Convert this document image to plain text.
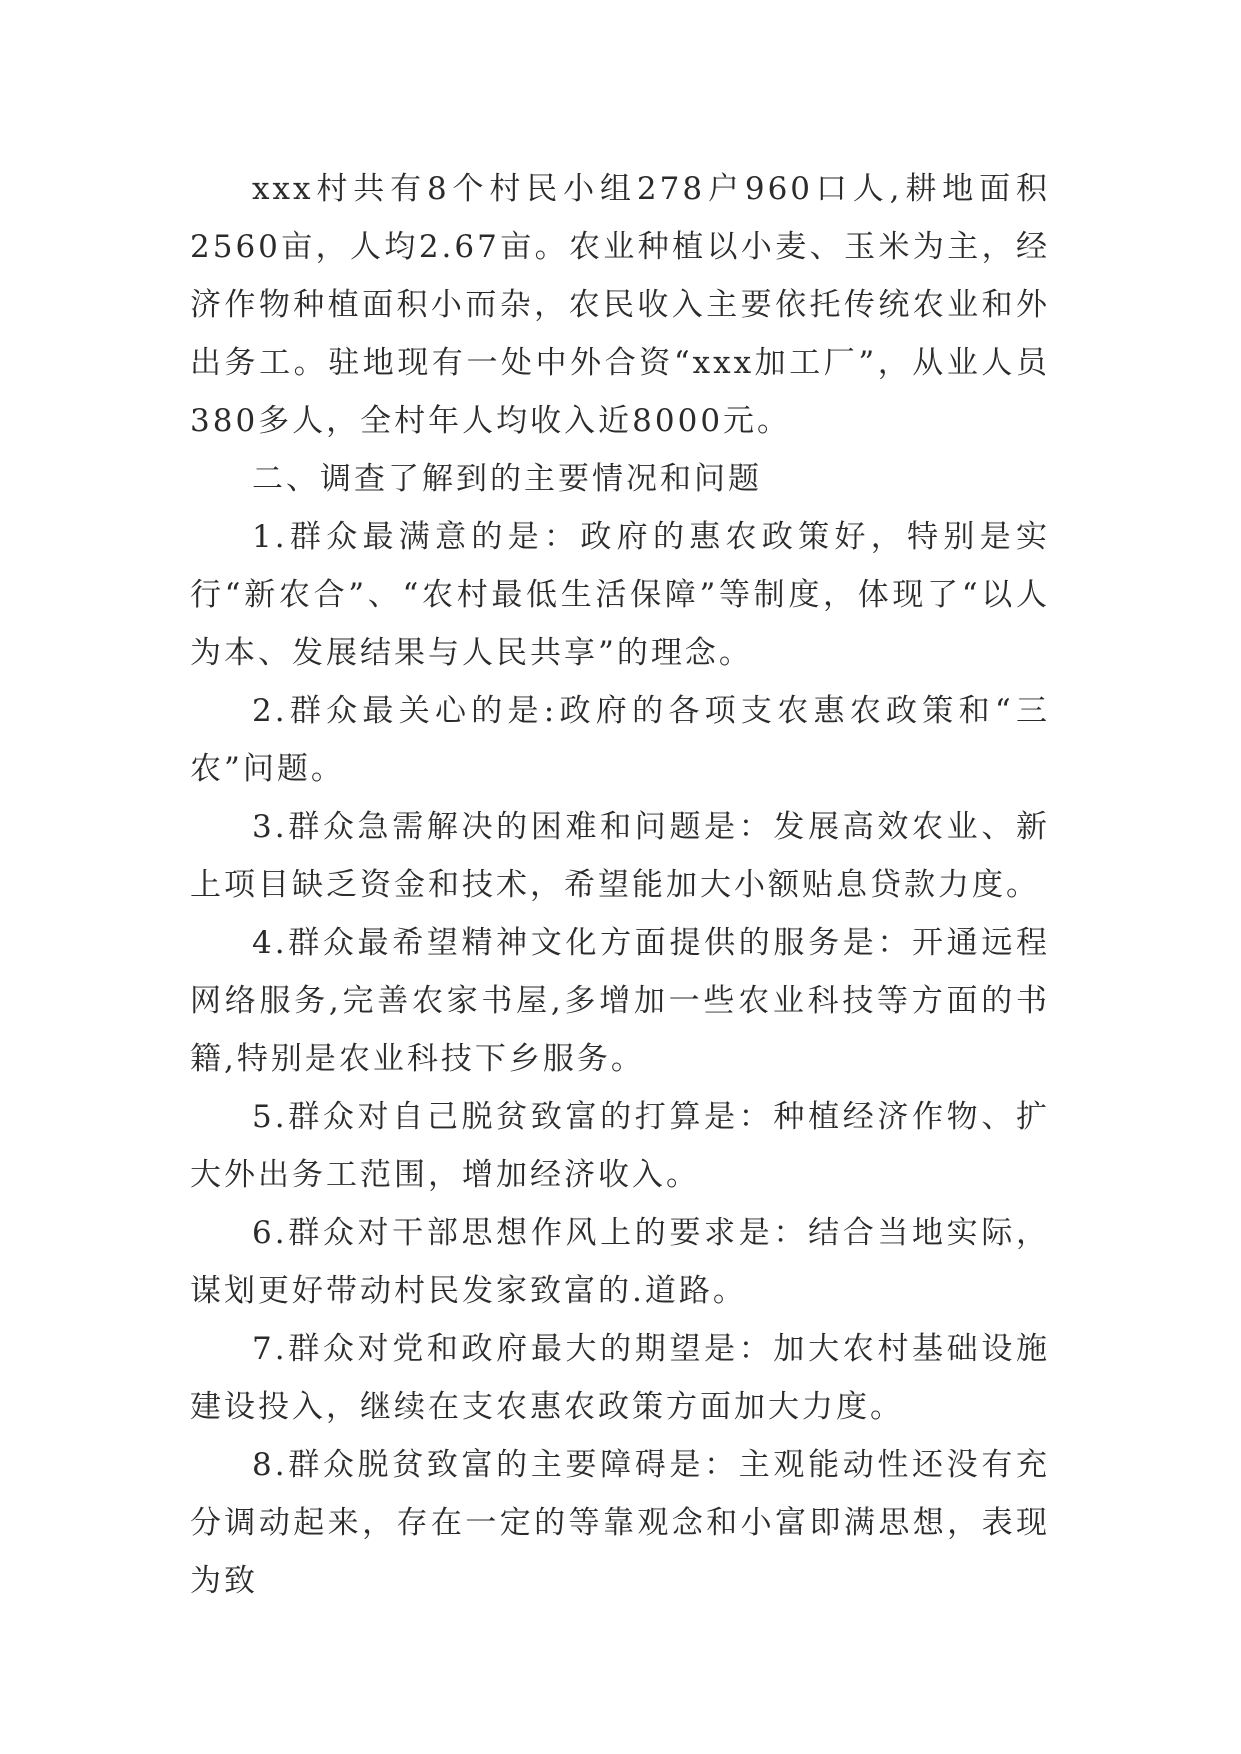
xxx村共有8个村民小组278户960口人,耕地面积2560亩，人均2.67亩。农业种植以小麦、玉米为主，经济作物种植面积小而杂，农民收入主要依托传统农业和外出务工。驻地现有一处中外合资“xxx加工厂”，从业人员380多人，全村年人均收入近8000元。

二、调查了解到的主要情况和问题

1.群众最满意的是：政府的惠农政策好，特别是实行“新农合”、“农村最低生活保障”等制度，体现了“以人为本、发展结果与人民共享”的理念。

2.群众最关心的是:政府的各项支农惠农政策和“三农”问题。

3.群众急需解决的困难和问题是：发展高效农业、新上项目缺乏资金和技术，希望能加大小额贴息贷款力度。

4.群众最希望精神文化方面提供的服务是：开通远程网络服务,完善农家书屋,多增加一些农业科技等方面的书籍,特别是农业科技下乡服务。

5.群众对自己脱贫致富的打算是：种植经济作物、扩大外出务工范围，增加经济收入。

6.群众对干部思想作风上的要求是：结合当地实际，谋划更好带动村民发家致富的.道路。

7.群众对党和政府最大的期望是：加大农村基础设施建设投入，继续在支农惠农政策方面加大力度。

8.群众脱贫致富的主要障碍是：主观能动性还没有充分调动起来，存在一定的等靠观念和小富即满思想，表现为致
